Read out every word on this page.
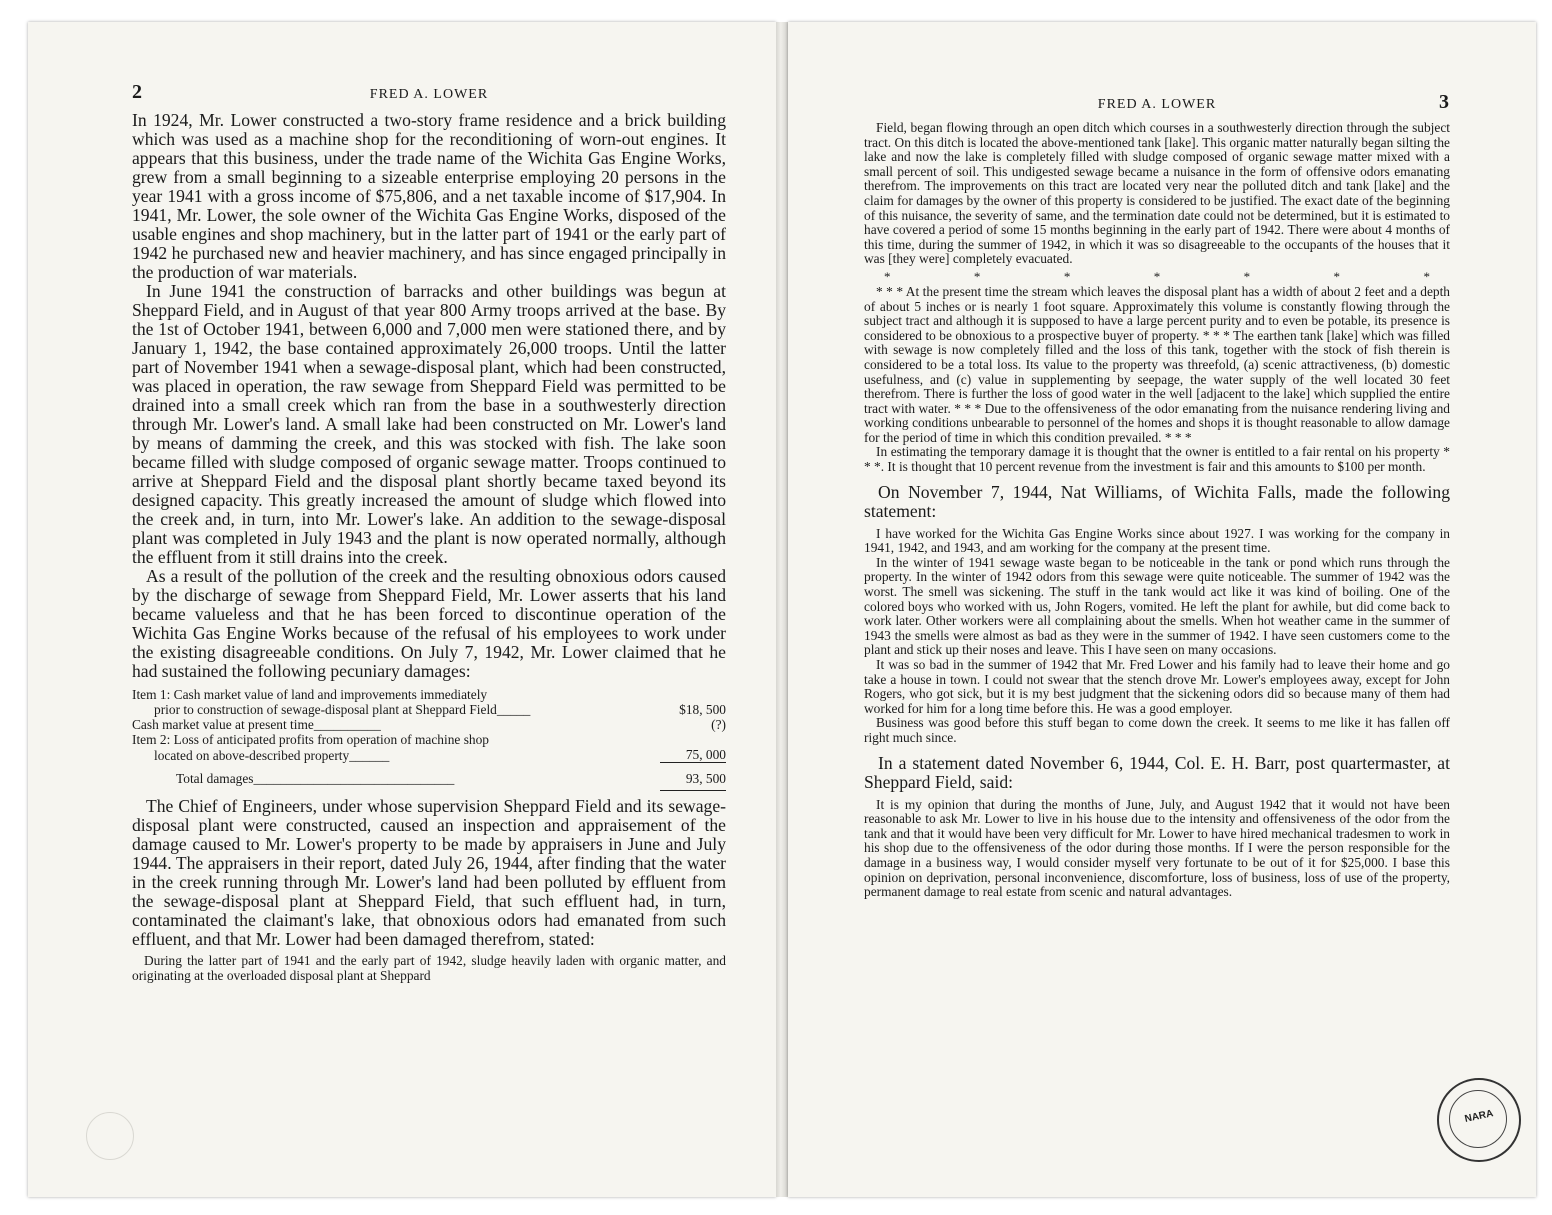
2	FRED A. LOWER

In 1924, Mr. Lower constructed a two-story frame residence and a brick building which was used as a machine shop for the reconditioning of worn-out engines. It appears that this business, under the trade name of the Wichita Gas Engine Works, grew from a small beginning to a sizeable enterprise employing 20 persons in the year 1941 with a gross income of $75,806, and a net taxable income of $17,904. In 1941, Mr. Lower, the sole owner of the Wichita Gas Engine Works, disposed of the usable engines and shop machinery, but in the latter part of 1941 or the early part of 1942 he purchased new and heavier machinery, and has since engaged principally in the production of war materials.

In June 1941 the construction of barracks and other buildings was begun at Sheppard Field, and in August of that year 800 Army troops arrived at the base. By the 1st of October 1941, between 6,000 and 7,000 men were stationed there, and by January 1, 1942, the base contained approximately 26,000 troops. Until the latter part of November 1941 when a sewage-disposal plant, which had been constructed, was placed in operation, the raw sewage from Sheppard Field was permitted to be drained into a small creek which ran from the base in a southwesterly direction through Mr. Lower's land. A small lake had been constructed on Mr. Lower's land by means of damming the creek, and this was stocked with fish. The lake soon became filled with sludge composed of organic sewage matter. Troops continued to arrive at Sheppard Field and the disposal plant shortly became taxed beyond its designed capacity. This greatly increased the amount of sludge which flowed into the creek and, in turn, into Mr. Lower's lake. An addition to the sewage-disposal plant was completed in July 1943 and the plant is now operated normally, although the effluent from it still drains into the creek.

As a result of the pollution of the creek and the resulting obnoxious odors caused by the discharge of sewage from Sheppard Field, Mr. Lower asserts that his land became valueless and that he has been forced to discontinue operation of the Wichita Gas Engine Works because of the refusal of his employees to work under the existing disagreeable conditions. On July 7, 1942, Mr. Lower claimed that he had sustained the following pecuniary damages:

Item 1: Cash market value of land and improvements immediately	
prior to construction of sewage-disposal plant at Sheppard Field_____	$18, 500
Cash market value at present time__________	(?)
Item 2: Loss of anticipated profits from operation of machine shop	
located on above-described property______	75, 000
Total damages______________________________	93, 500

The Chief of Engineers, under whose supervision Sheppard Field and its sewage-disposal plant were constructed, caused an inspection and appraisement of the damage caused to Mr. Lower's property to be made by appraisers in June and July 1944. The appraisers in their report, dated July 26, 1944, after finding that the water in the creek running through Mr. Lower's land had been polluted by effluent from the sewage-disposal plant at Sheppard Field, that such effluent had, in turn, contaminated the claimant's lake, that obnoxious odors had emanated from such effluent, and that Mr. Lower had been damaged therefrom, stated:

During the latter part of 1941 and the early part of 1942, sludge heavily laden with organic matter, and originating at the overloaded disposal plant at Sheppard

FRED A. LOWER	3

Field, began flowing through an open ditch which courses in a southwesterly direction through the subject tract. On this ditch is located the above-mentioned tank [lake]. This organic matter naturally began silting the lake and now the lake is completely filled with sludge composed of organic sewage matter mixed with a small percent of soil. This undigested sewage became a nuisance in the form of offensive odors emanating therefrom. The improvements on this tract are located very near the polluted ditch and tank [lake] and the claim for damages by the owner of this property is considered to be justified. The exact date of the beginning of this nuisance, the severity of same, and the termination date could not be determined, but it is estimated to have covered a period of some 15 months beginning in the early part of 1942. There were about 4 months of this time, during the summer of 1942, in which it was so disagreeable to the occupants of the houses that it was [they were] completely evacuated.

*	*	*	*	*	*	*

* * * At the present time the stream which leaves the disposal plant has a width of about 2 feet and a depth of about 5 inches or is nearly 1 foot square. Approximately this volume is constantly flowing through the subject tract and although it is supposed to have a large percent purity and to even be potable, its presence is considered to be obnoxious to a prospective buyer of property. * * * The earthen tank [lake] which was filled with sewage is now completely filled and the loss of this tank, together with the stock of fish therein is considered to be a total loss. Its value to the property was threefold, (a) scenic attractiveness, (b) domestic usefulness, and (c) value in supplementing by seepage, the water supply of the well located 30 feet therefrom. There is further the loss of good water in the well [adjacent to the lake] which supplied the entire tract with water. * * * Due to the offensiveness of the odor emanating from the nuisance rendering living and working conditions unbearable to personnel of the homes and shops it is thought reasonable to allow damage for the period of time in which this condition prevailed. * * *

In estimating the temporary damage it is thought that the owner is entitled to a fair rental on his property * * *. It is thought that 10 percent revenue from the investment is fair and this amounts to $100 per month.

On November 7, 1944, Nat Williams, of Wichita Falls, made the following statement:

I have worked for the Wichita Gas Engine Works since about 1927. I was working for the company in 1941, 1942, and 1943, and am working for the company at the present time.

In the winter of 1941 sewage waste began to be noticeable in the tank or pond which runs through the property. In the winter of 1942 odors from this sewage were quite noticeable. The summer of 1942 was the worst. The smell was sickening. The stuff in the tank would act like it was kind of boiling. One of the colored boys who worked with us, John Rogers, vomited. He left the plant for awhile, but did come back to work later. Other workers were all complaining about the smells. When hot weather came in the summer of 1943 the smells were almost as bad as they were in the summer of 1942. I have seen customers come to the plant and stick up their noses and leave. This I have seen on many occasions.

It was so bad in the summer of 1942 that Mr. Fred Lower and his family had to leave their home and go take a house in town. I could not swear that the stench drove Mr. Lower's employees away, except for John Rogers, who got sick, but it is my best judgment that the sickening odors did so because many of them had worked for him for a long time before this. He was a good employer.

Business was good before this stuff began to come down the creek. It seems to me like it has fallen off right much since.

In a statement dated November 6, 1944, Col. E. H. Barr, post quartermaster, at Sheppard Field, said:

It is my opinion that during the months of June, July, and August 1942 that it would not have been reasonable to ask Mr. Lower to live in his house due to the intensity and offensiveness of the odor from the tank and that it would have been very difficult for Mr. Lower to have hired mechanical tradesmen to work in his shop due to the offensiveness of the odor during those months. If I were the person responsible for the damage in a business way, I would consider myself very fortunate to be out of it for $25,000. I base this opinion on deprivation, personal inconvenience, discomforture, loss of business, loss of use of the property, permanent damage to real estate from scenic and natural advantages.

NARA
